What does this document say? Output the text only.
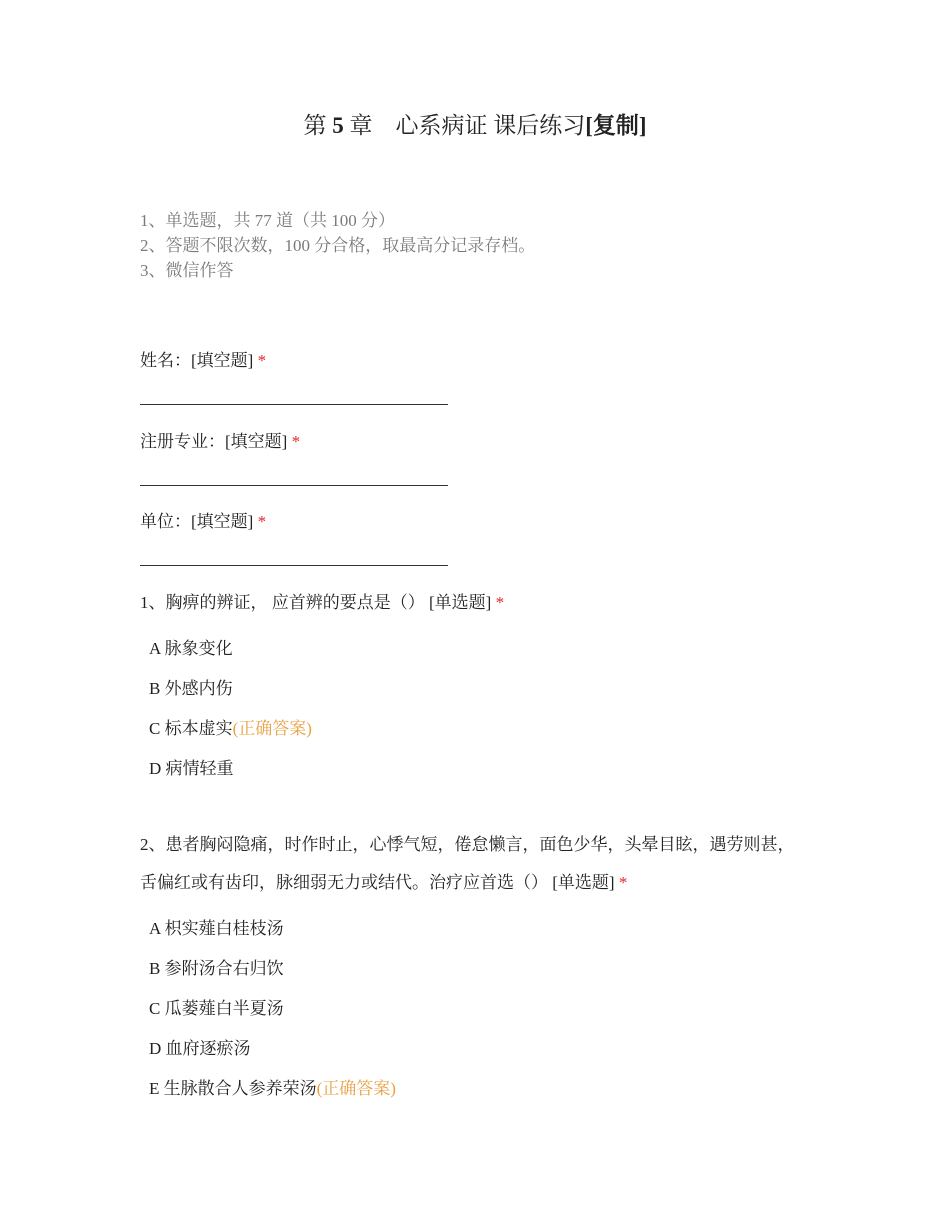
第 5 章　心系病证 课后练习[复制]
1、单选题，共 77 道（共 100 分）
2、答题不限次数，100 分合格，取最高分记录存档。
3、微信作答
姓名：[填空题] *
注册专业：[填空题] *
单位：[填空题] *
1、胸痹的辨证， 应首辨的要点是（） [单选题] *
A 脉象变化
B 外感内伤
C 标本虚实(正确答案)
D 病情轻重
2、患者胸闷隐痛，时作时止，心悸气短，倦怠懒言，面色少华，头晕目眩，遇劳则甚，舌偏红或有齿印，脉细弱无力或结代。治疗应首选（） [单选题] *
A 枳实薤白桂枝汤
B 参附汤合右归饮
C 瓜蒌薤白半夏汤
D 血府逐瘀汤
E 生脉散合人参养荣汤(正确答案)
